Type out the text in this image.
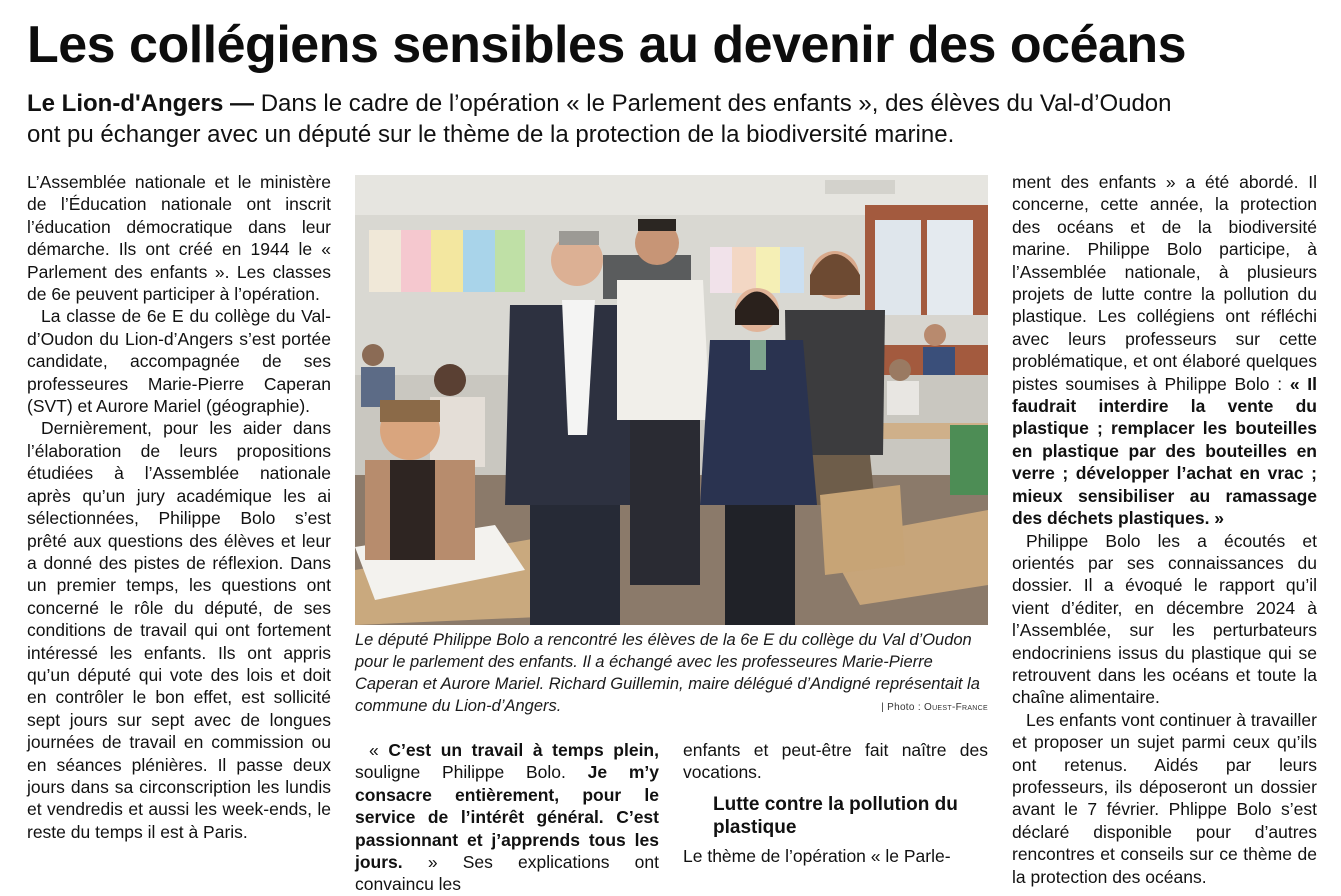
Les collégiens sensibles au devenir des océans
Le Lion-d'Angers — Dans le cadre de l’opération « le Parlement des enfants », des élèves du Val-d’Oudon ont pu échanger avec un député sur le thème de la protection de la biodiversité marine.

L’Assemblée nationale et le ministère de l’Éducation nationale ont inscrit l’éducation démocratique dans leur démarche. Ils ont créé en 1944 le « Parlement des enfants ». Les classes de 6e peuvent participer à l’opération.

La classe de 6e E du collège du Val-d’Oudon du Lion-d’Angers s’est portée candidate, accompagnée de ses professeures Marie-Pierre Caperan (SVT) et Aurore Mariel (géographie).

Dernièrement, pour les aider dans l’élaboration de leurs propositions étudiées à l’Assemblée nationale après qu’un jury académique les ai sélectionnées, Philippe Bolo s’est prêté aux questions des élèves et leur a donné des pistes de réflexion. Dans un premier temps, les questions ont concerné le rôle du député, de ses conditions de travail qui ont fortement intéressé les enfants. Ils ont appris qu’un député qui vote des lois et doit en contrôler le bon effet, est sollicité sept jours sur sept avec de longues journées de travail en commission ou en séances plénières. Il passe deux jours dans sa circonscription les lundis et vendredis et aussi les week-ends, le reste du temps il est à Paris.

Le député Philippe Bolo a rencontré les élèves de la 6e E du collège du Val d’Oudon pour le parlement des enfants. Il a échangé avec les professeures Marie-Pierre Caperan et Aurore Mariel. Richard Guillemin, maire délégué d’Andigné représentait la commune du Lion-d’Angers.	| Photo : Ouest-France

« C’est un travail à temps plein, souligne Philippe Bolo. Je m’y consacre entièrement, pour le service de l’intérêt général. C’est passionnant et j’apprends tous les jours. » Ses explications ont convaincu les

enfants et peut-être fait naître des vocations.

Lutte contre la pollution du plastique

Le thème de l’opération « le Parle-

ment des enfants » a été abordé. Il concerne, cette année, la protection des océans et de la biodiversité marine. Philippe Bolo participe, à l’Assemblée nationale, à plusieurs projets de lutte contre la pollution du plastique. Les collégiens ont réfléchi avec leurs professeurs sur cette problématique, et ont élaboré quelques pistes soumises à Philippe Bolo : « Il faudrait interdire la vente du plastique ; remplacer les bouteilles en plastique par des bouteilles en verre ; développer l’achat en vrac ; mieux sensibiliser au ramassage des déchets plastiques. »

Philippe Bolo les a écoutés et orientés par ses connaissances du dossier. Il a évoqué le rapport qu’il vient d’éditer, en décembre 2024 à l’Assemblée, sur les perturbateurs endocriniens issus du plastique qui se retrouvent dans les océans et toute la chaîne alimentaire.

Les enfants vont continuer à travailler et proposer un sujet parmi ceux qu’ils ont retenus. Aidés par leurs professeurs, ils déposeront un dossier avant le 7 février. Phlippe Bolo s’est déclaré disponible pour d’autres rencontres et conseils sur ce thème de la protection des océans.
